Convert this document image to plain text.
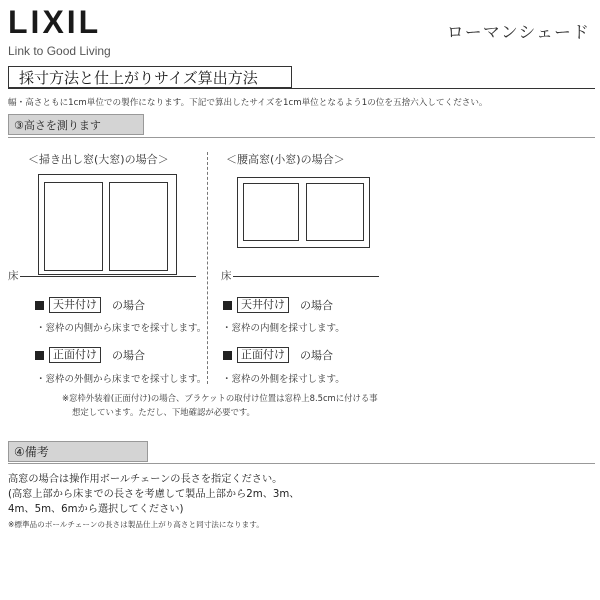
LIXIL
Link to Good Living
ローマンシェード
採寸方法と仕上がりサイズ算出方法
幅・高さともに1cm単位での製作になります。下記で算出したサイズを1cm単位となるよう1の位を五捨六入してください。
③高さを測ります
＜掃き出し窓(大窓)の場合＞
床
天井付け	の場合
・窓枠の内側から床までを採寸します。
正面付け	の場合
・窓枠の外側から床までを採寸します。
＜腰高窓(小窓)の場合＞
床
天井付け	の場合
・窓枠の内側を採寸します。
正面付け	の場合
・窓枠の外側を採寸します。
※窓枠外装着(正面付け)の場合、ブラケットの取付け位置は窓枠上8.5cmに付ける事
想定しています。ただし、下地確認が必要です。
④備考
高窓の場合は操作用ボールチェーンの長さを指定ください。
(高窓上部から床までの長さを考慮して製品上部から2m、3m、
4m、5m、6mから選択してください)
※標準品のボールチェーンの長さは製品仕上がり高さと同寸法になります。
